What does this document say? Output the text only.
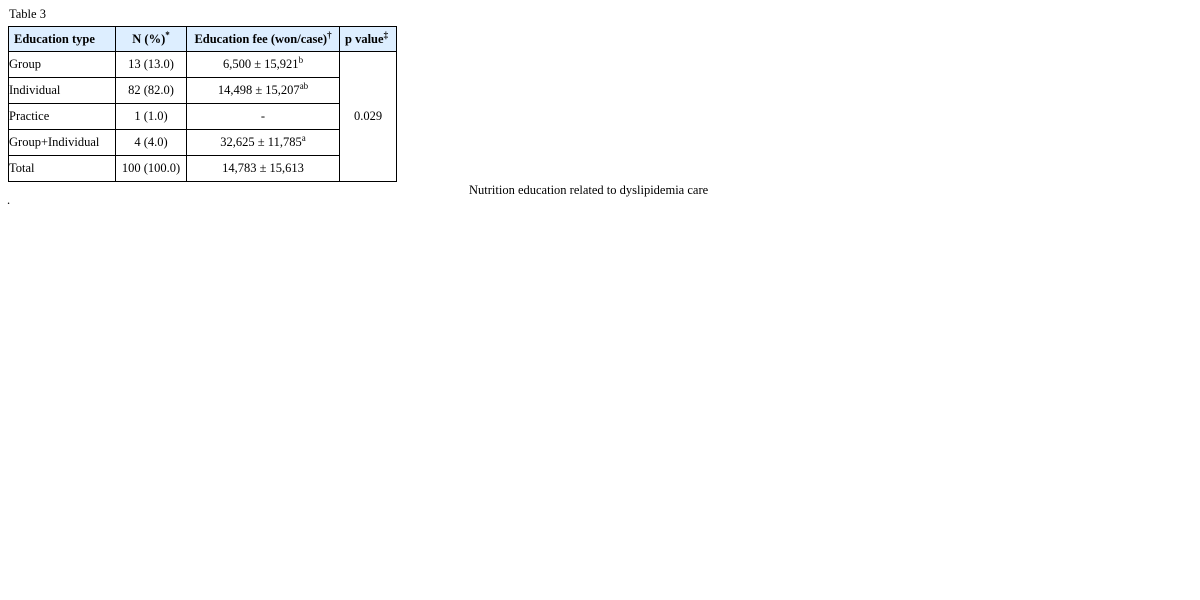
Table 3
Education type	N (%)*	Education fee (won/case)†	p value‡
Group	13 (13.0)	6,500 ± 15,921$^b$	0.029
Individual	82 (82.0)	14,498 ± 15,207$^{ab}$
Practice	1 (1.0)	-	
Group+Individual	4 (4.0)	32,625 ± 11,785$^a$
Total	100 (100.0)	14,783 ± 15,613	
Nutrition education related to dyslipidemia care
.
